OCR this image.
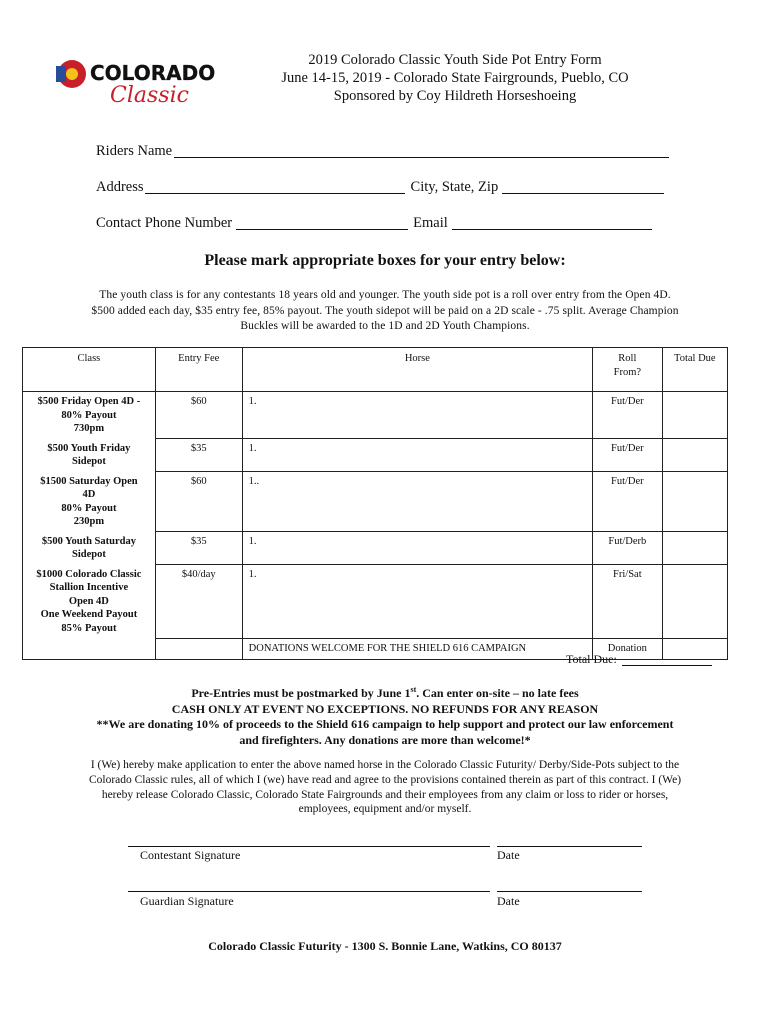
COLORADO
Classic
2019 Colorado Classic Youth Side Pot Entry Form
June 14-15, 2019 - Colorado State Fairgrounds, Pueblo, CO
Sponsored by Coy Hildreth Horseshoeing
Riders Name
Address	City, State, Zip
Contact Phone Number	Email
Please mark appropriate boxes for your entry below:
The youth class is for any contestants 18 years old and younger. The youth side pot is a roll over entry from the Open 4D.
$500 added each day, $35 entry fee, 85% payout. The youth sidepot will be paid on a 2D scale - .75 split. Average Champion
Buckles will be awarded to the 1D and 2D Youth Champions.
Class	Entry Fee	Horse	Roll From?	Total Due

$500 Friday Open 4D -
80% Payout
730pm	$60	1.	Fut/Der	

$500 Youth Friday
Sidepot	$35	1.	Fut/Der	

$1500 Saturday Open
4D
80% Payout
230pm	$60	1..	Fut/Der	

$500 Youth Saturday
Sidepot	$35	1.	Fut/Derb	

$1000 Colorado Classic
Stallion Incentive
Open 4D
One Weekend Payout
85% Payout	$40/day	1.	Fri/Sat	
		DONATIONS WELCOME FOR THE SHIELD 616 CAMPAIGN	Donation	
Total Due:
Pre-Entries must be postmarked by June 1st. Can enter on-site – no late fees
CASH ONLY AT EVENT NO EXCEPTIONS. NO REFUNDS FOR ANY REASON
**We are donating 10% of proceeds to the Shield 616 campaign to help support and protect our law enforcement
and firefighters. Any donations are more than welcome!*
I (We) hereby make application to enter the above named horse in the Colorado Classic Futurity/ Derby/Side-Pots subject to the
Colorado Classic rules, all of which I (we) have read and agree to the provisions contained therein as part of this contract. I (We)
hereby release Colorado Classic, Colorado State Fairgrounds and their employees from any claim or loss to rider or horses,
employees, equipment and/or myself.
Contestant Signature	Date
Guardian Signature	Date
Colorado Classic Futurity - 1300 S. Bonnie Lane, Watkins, CO 80137
